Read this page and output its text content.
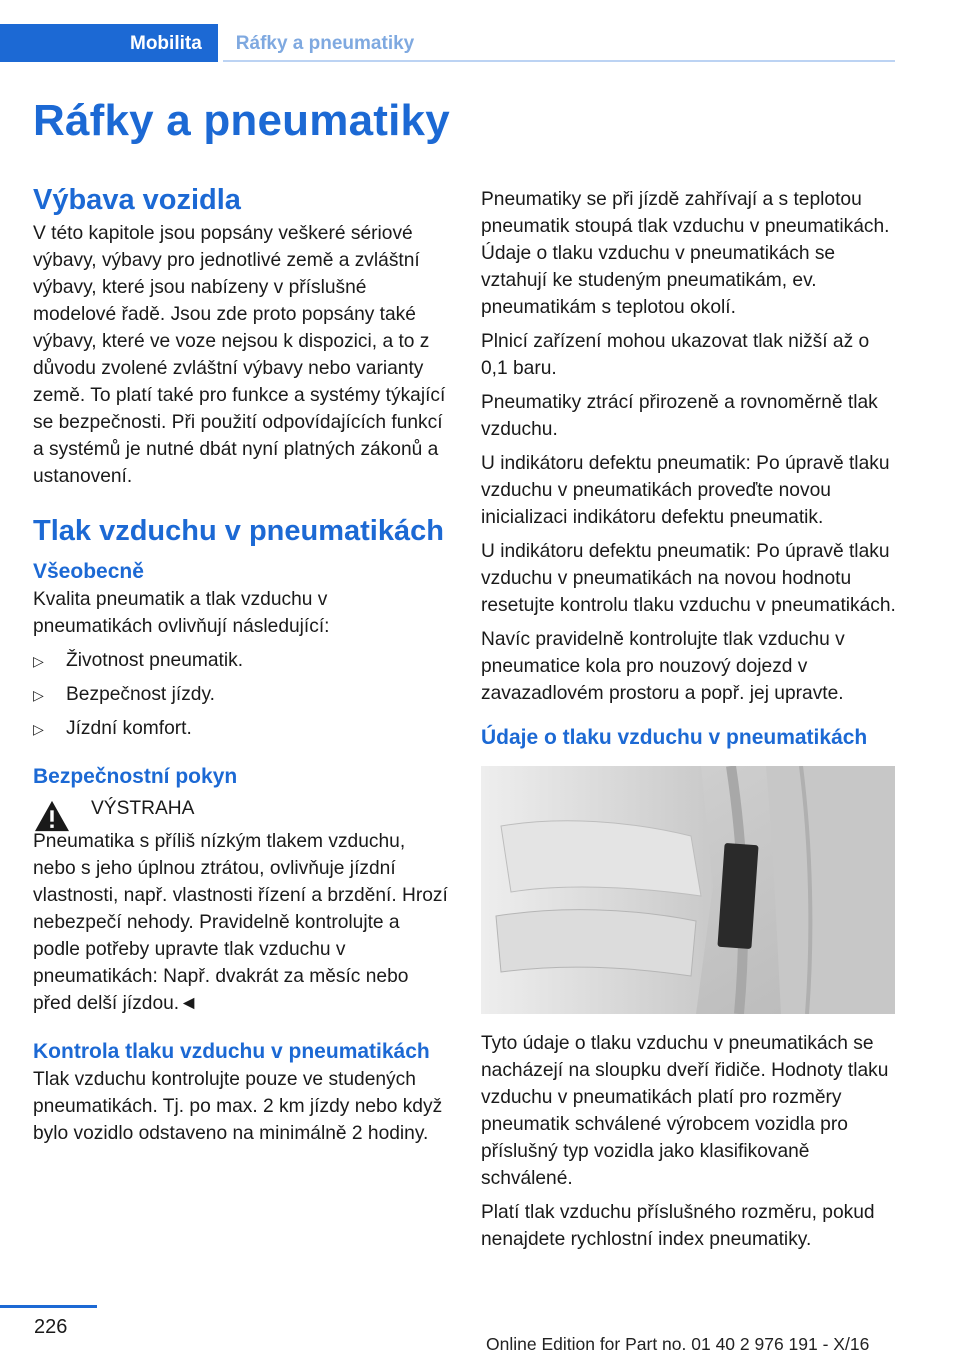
Mobilita	Ráfky a pneumatiky
Ráfky a pneumatiky
Výbava vozidla

V této kapitole jsou popsány veškeré sériové výbavy, výbavy pro jednotlivé země a zvláštní výbavy, které jsou nabízeny v příslušné modelové řadě. Jsou zde proto popsány také výbavy, které ve voze nejsou k dispozici, a to z důvodu zvolené zvláštní výbavy nebo varianty země. To platí také pro funkce a systémy týkající se bezpečnosti. Při použití odpovídajících funkcí a systémů je nutné dbát nyní platných zákonů a ustanovení.

Tlak vzduchu v pneumatikách
Všeobecně

Kvalita pneumatik a tlak vzduchu v pneumatikách ovlivňují následující:

▷ Životnost pneumatik.
▷ Bezpečnost jízdy.
▷ Jízdní komfort.
Bezpečnostní pokyn

VÝSTRAHA

Pneumatika s příliš nízkým tlakem vzduchu, nebo s jeho úplnou ztrátou, ovlivňuje jízdní vlastnosti, např. vlastnosti řízení a brzdění. Hrozí nebezpečí nehody. Pravidelně kontrolujte a podle potřeby upravte tlak vzduchu v pneumatikách: Např. dvakrát za měsíc nebo před delší jízdou.◄

Kontrola tlaku vzduchu v pneumatikách

Tlak vzduchu kontrolujte pouze ve studených pneumatikách. Tj. po max. 2 km jízdy nebo když bylo vozidlo odstaveno na minimálně 2 hodiny.

Pneumatiky se při jízdě zahřívají a s teplotou pneumatik stoupá tlak vzduchu v pneumatikách. Údaje o tlaku vzduchu v pneumatikách se vztahují ke studeným pneumatikám, ev. pneumatikám s teplotou okolí.

Plnicí zařízení mohou ukazovat tlak nižší až o 0,1 baru.

Pneumatiky ztrácí přirozeně a rovnoměrně tlak vzduchu.

U indikátoru defektu pneumatik: Po úpravě tlaku vzduchu v pneumatikách proveďte novou inicializaci indikátoru defektu pneumatik.

U indikátoru defektu pneumatik: Po úpravě tlaku vzduchu v pneumatikách na novou hodnotu resetujte kontrolu tlaku vzduchu v pneumatikách.

Navíc pravidelně kontrolujte tlak vzduchu v pneumatice kola pro nouzový dojezd v zavazadlovém prostoru a popř. jej upravte.

Údaje o tlaku vzduchu v pneumatikách

Tyto údaje o tlaku vzduchu v pneumatikách se nacházejí na sloupku dveří řidiče. Hodnoty tlaku vzduchu v pneumatikách platí pro rozměry pneumatik schválené výrobcem vozidla pro příslušný typ vozidla jako klasifikovaně schválené.

Platí tlak vzduchu příslušného rozměru, pokud nenajdete rychlostní index pneumatiky.

226
Online Edition for Part no. 01 40 2 976 191 - X/16
